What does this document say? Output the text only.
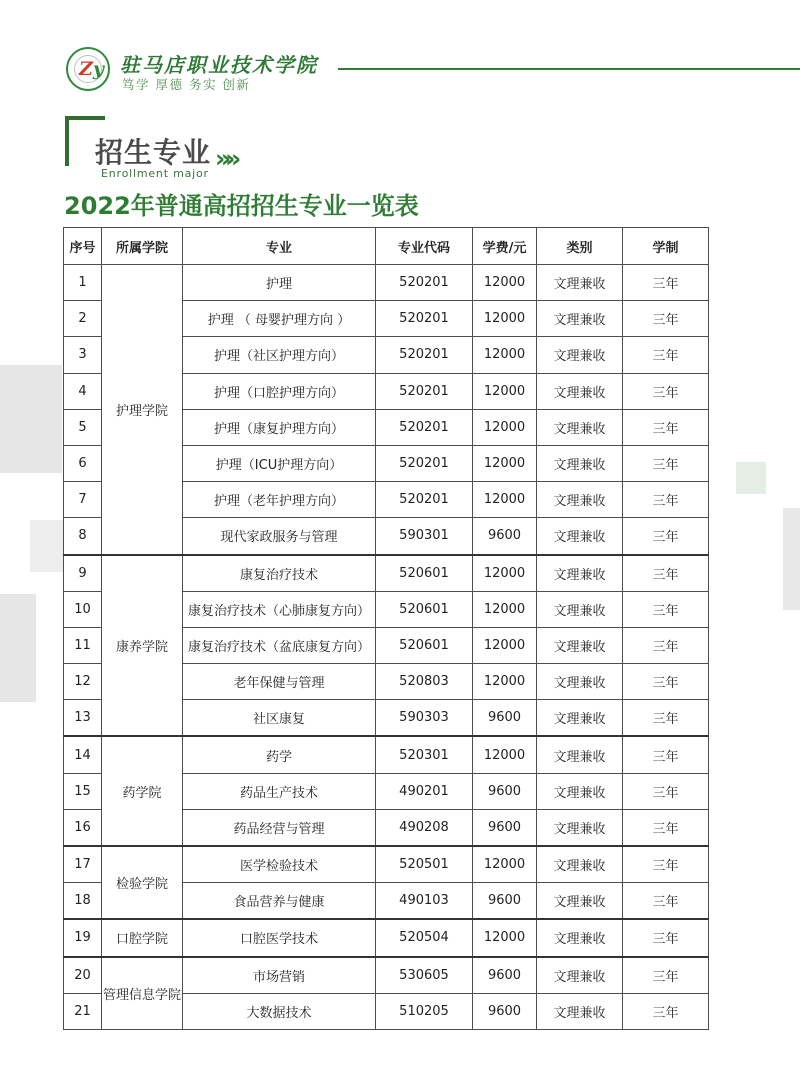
Zy 驻马店职业技术学院
笃学 厚德 务实 创新
招生专业
Enrollment major
»»
2022年普通高招招生专业一览表
序号	所属学院	专业	专业代码	学费/元	类别	学制
1	护理学院	护理	520201	12000	文理兼收	三年
2		护理 （ 母婴护理方向 ）	520201	12000	文理兼收	三年
3		护理（社区护理方向）	520201	12000	文理兼收	三年
4		护理（口腔护理方向）	520201	12000	文理兼收	三年
5		护理（康复护理方向）	520201	12000	文理兼收	三年
6		护理（ICU护理方向）	520201	12000	文理兼收	三年
7		护理（老年护理方向）	520201	12000	文理兼收	三年
8		现代家政服务与管理	590301	9600	文理兼收	三年
9	康养学院	康复治疗技术	520601	12000	文理兼收	三年
10		康复治疗技术（心肺康复方向）	520601	12000	文理兼收	三年
11		康复治疗技术（盆底康复方向）	520601	12000	文理兼收	三年
12		老年保健与管理	520803	12000	文理兼收	三年
13		社区康复	590303	9600	文理兼收	三年
14	药学院	药学	520301	12000	文理兼收	三年
15		药品生产技术	490201	9600	文理兼收	三年
16		药品经营与管理	490208	9600	文理兼收	三年
17	检验学院	医学检验技术	520501	12000	文理兼收	三年
18		食品营养与健康	490103	9600	文理兼收	三年
19	口腔学院	口腔医学技术	520504	12000	文理兼收	三年
20	管理信息学院	市场营销	530605	9600	文理兼收	三年
21		大数据技术	510205	9600	文理兼收	三年
